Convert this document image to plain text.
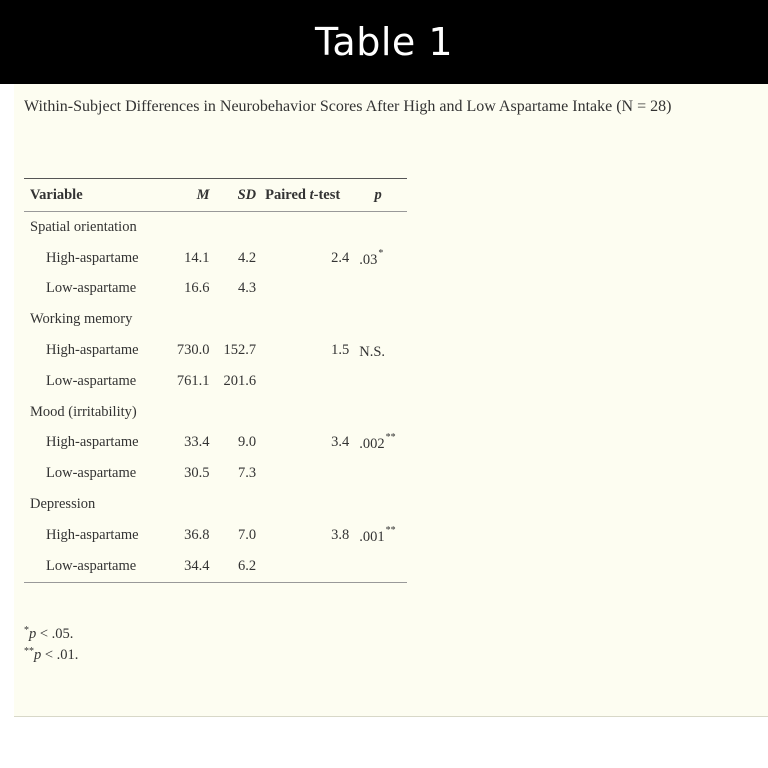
Table 1
Within-Subject Differences in Neurobehavior Scores After High and Low Aspartame Intake (N = 28)
Variable	M	SD	Paired t-test	p
Spatial orientation				
High-aspartame	14.1	4.2	2.4	.03*
Low-aspartame	16.6	4.3		
Working memory				
High-aspartame	730.0	152.7	1.5	N.S.
Low-aspartame	761.1	201.6		
Mood (irritability)				
High-aspartame	33.4	9.0	3.4	.002**
Low-aspartame	30.5	7.3		
Depression				
High-aspartame	36.8	7.0	3.8	.001**
Low-aspartame	34.4	6.2		
*p < .05.
**p < .01.
